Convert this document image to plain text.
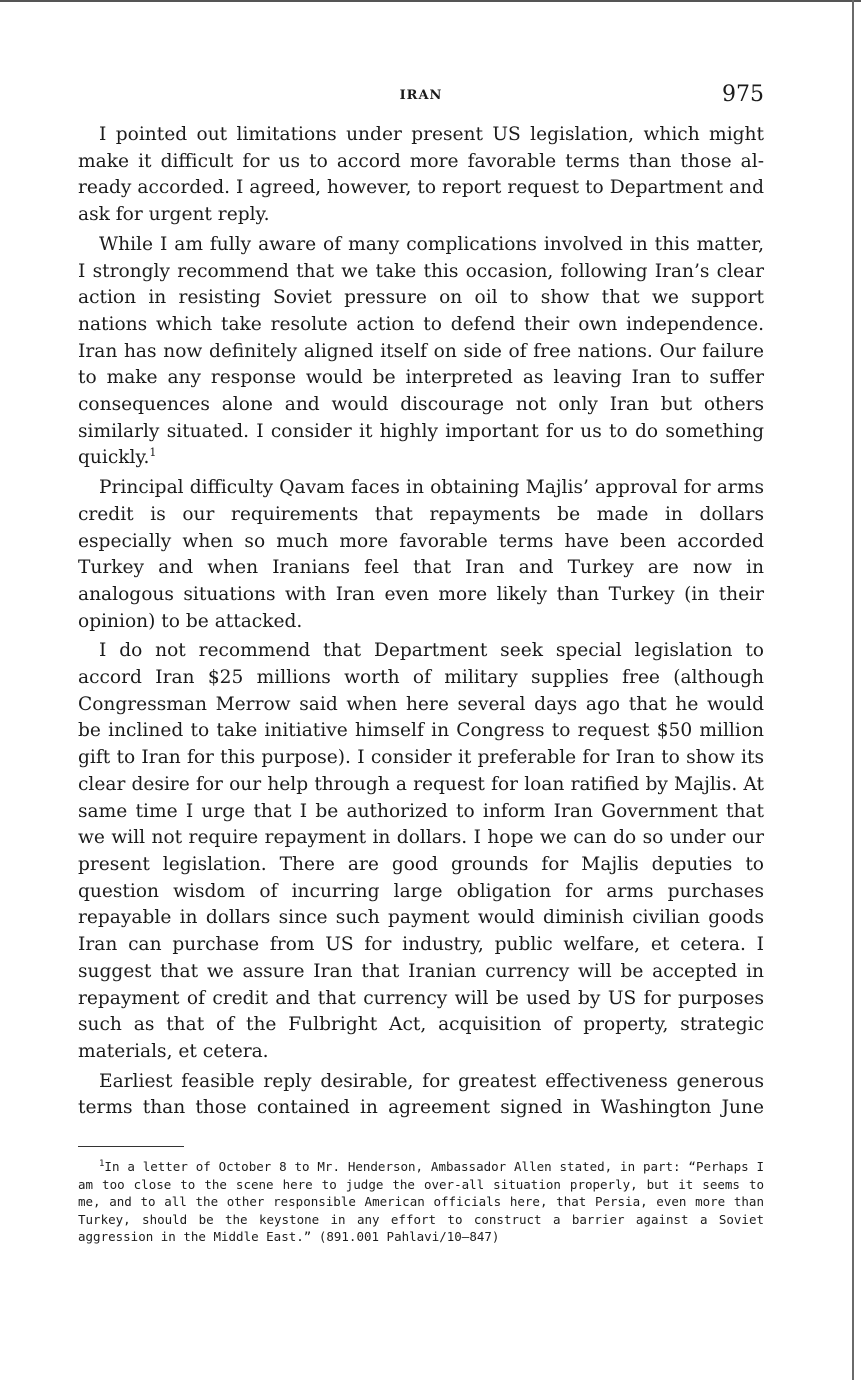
IRAN	975

I pointed out limitations under present US legislation, which might make it difficult for us to accord more favorable terms than those already accorded. I agreed, however, to report request to Department and ask for urgent reply.

While I am fully aware of many complications involved in this matter, I strongly recommend that we take this occasion, following Iran’s clear action in resisting Soviet pressure on oil to show that we support nations which take resolute action to defend their own independence. Iran has now definitely aligned itself on side of free nations. Our failure to make any response would be interpreted as leaving Iran to suffer consequences alone and would discourage not only Iran but others similarly situated. I consider it highly important for us to do something quickly.$^1$

Principal difficulty Qavam faces in obtaining Majlis’ approval for arms credit is our requirements that repayments be made in dollars especially when so much more favorable terms have been accorded Turkey and when Iranians feel that Iran and Turkey are now in analogous situations with Iran even more likely than Turkey (in their opinion) to be attacked.

I do not recommend that Department seek special legislation to accord Iran $25 millions worth of military supplies free (although Congressman Merrow said when here several days ago that he would be inclined to take initiative himself in Congress to request $50 million gift to Iran for this purpose). I consider it preferable for Iran to show its clear desire for our help through a request for loan ratified by Majlis. At same time I urge that I be authorized to inform Iran Government that we will not require repayment in dollars. I hope we can do so under our present legislation. There are good grounds for Majlis deputies to question wisdom of incurring large obligation for arms purchases repayable in dollars since such payment would diminish civilian goods Iran can purchase from US for industry, public welfare, et cetera. I suggest that we assure Iran that Iranian currency will be accepted in repayment of credit and that currency will be used by US for purposes such as that of the Fulbright Act, acquisition of property, strategic materials, et cetera.

Earliest feasible reply desirable, for greatest effectiveness generous terms than those contained in agreement signed in Washington June

$^1$In a letter of October 8 to Mr. Henderson, Ambassador Allen stated, in part: “Perhaps I am too close to the scene here to judge the over-all situation properly, but it seems to me, and to all the other responsible American officials here, that Persia, even more than Turkey, should be the keystone in any effort to construct a barrier against a Soviet aggression in the Middle East.” (891.001 Pahlavi/10–847)
